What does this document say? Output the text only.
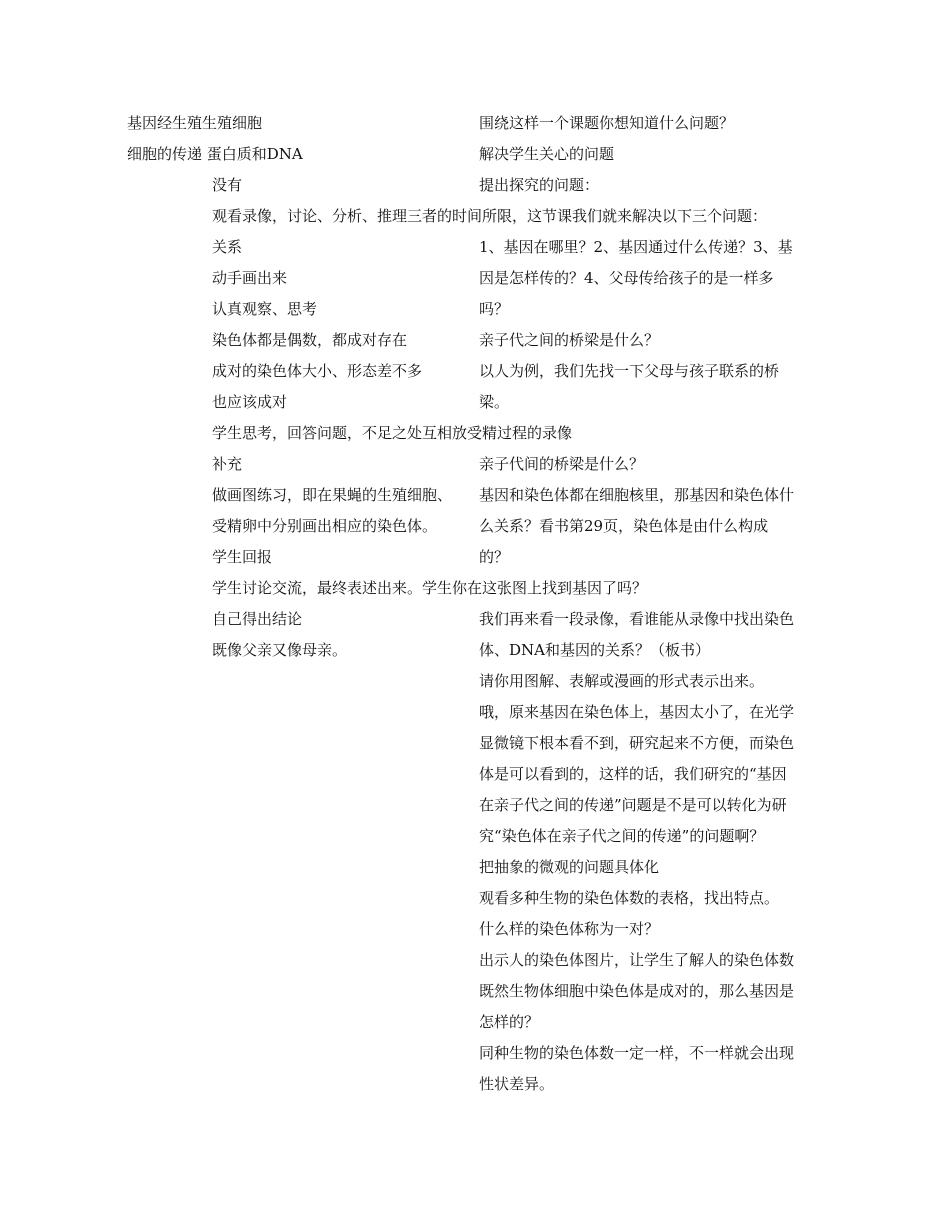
基因经生殖生殖细胞	围绕这样一个课题你想知道什么问题？
细胞的传递 蛋白质和DNA	解决学生关心的问题
没有	提出探究的问题：
观看录像，讨论、分析、推理三者的时间所限，这节课我们就来解决以下三个问题：
关系	1、基因在哪里？2、基因通过什么传递？3、基
动手画出来	因是怎样传的？4、父母传给孩子的是一样多
认真观察、思考	吗？
染色体都是偶数，都成对存在	亲子代之间的桥梁是什么？
成对的染色体大小、形态差不多	以人为例，我们先找一下父母与孩子联系的桥
也应该成对	梁。
学生思考，回答问题，不足之处互相放受精过程的录像
补充	亲子代间的桥梁是什么？
做画图练习，即在果蝇的生殖细胞、 基因和染色体都在细胞核里，那基因和染色体什
受精卵中分别画出相应的染色体。	么关系？看书第29页，染色体是由什么构成
学生回报	的？
学生讨论交流，最终表述出来。学生你在这张图上找到基因了吗？
自己得出结论	我们再来看一段录像，看谁能从录像中找出染色
既像父亲又像母亲。	体、DNA和基因的关系？（板书）
请你用图解、表解或漫画的形式表示出来。
哦，原来基因在染色体上，基因太小了，在光学
显微镜下根本看不到，研究起来不方便，而染色
体是可以看到的，这样的话，我们研究的“基因
在亲子代之间的传递”问题是不是可以转化为研
究“染色体在亲子代之间的传递”的问题啊？
把抽象的微观的问题具体化
观看多种生物的染色体数的表格，找出特点。
什么样的染色体称为一对？
出示人的染色体图片，让学生了解人的染色体数
既然生物体细胞中染色体是成对的，那么基因是
怎样的？
同种生物的染色体数一定一样，不一样就会出现
性状差异。
